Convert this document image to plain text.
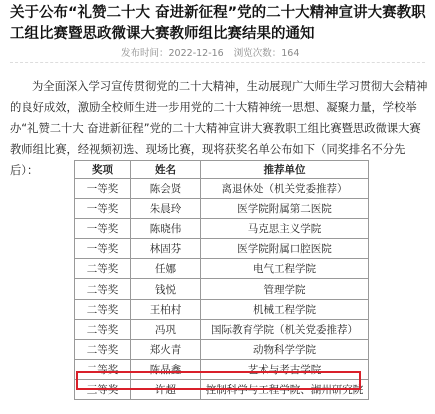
关于公布“礼赞二十大 奋进新征程”党的二十大精神宣讲大赛教职工组比赛暨思政微课大赛教师组比赛结果的通知
发布时间：2022-12-16 浏览次数：164
为全面深入学习宣传贯彻党的二十大精神，生动展现广大师生学习贯彻大会精神的良好成效，激励全校师生进一步用党的二十大精神统一思想、凝聚力量，学校举办“礼赞二十大 奋进新征程”党的二十大精神宣讲大赛教职工组比赛暨思政微课大赛教师组比赛，经视频初选、现场比赛，现将获奖名单公布如下（同奖排名不分先后）：	奖项	姓名	推荐单位
一等奖	陈会贤	离退休处（机关党委推荐）
一等奖	朱晨玲	医学院附属第二医院
一等奖	陈晓伟	马克思主义学院
一等奖	林固芬	医学院附属口腔医院
二等奖	任娜	电气工程学院
二等奖	钱悦	管理学院
二等奖	王柏村	机械工程学院
二等奖	冯巩	国际教育学院（机关党委推荐）
二等奖	郑火青	动物科学学院
二等奖	陈晶鑫	艺术与考古学院
三等奖	许超	控制科学与工程学院、湖州研究院
